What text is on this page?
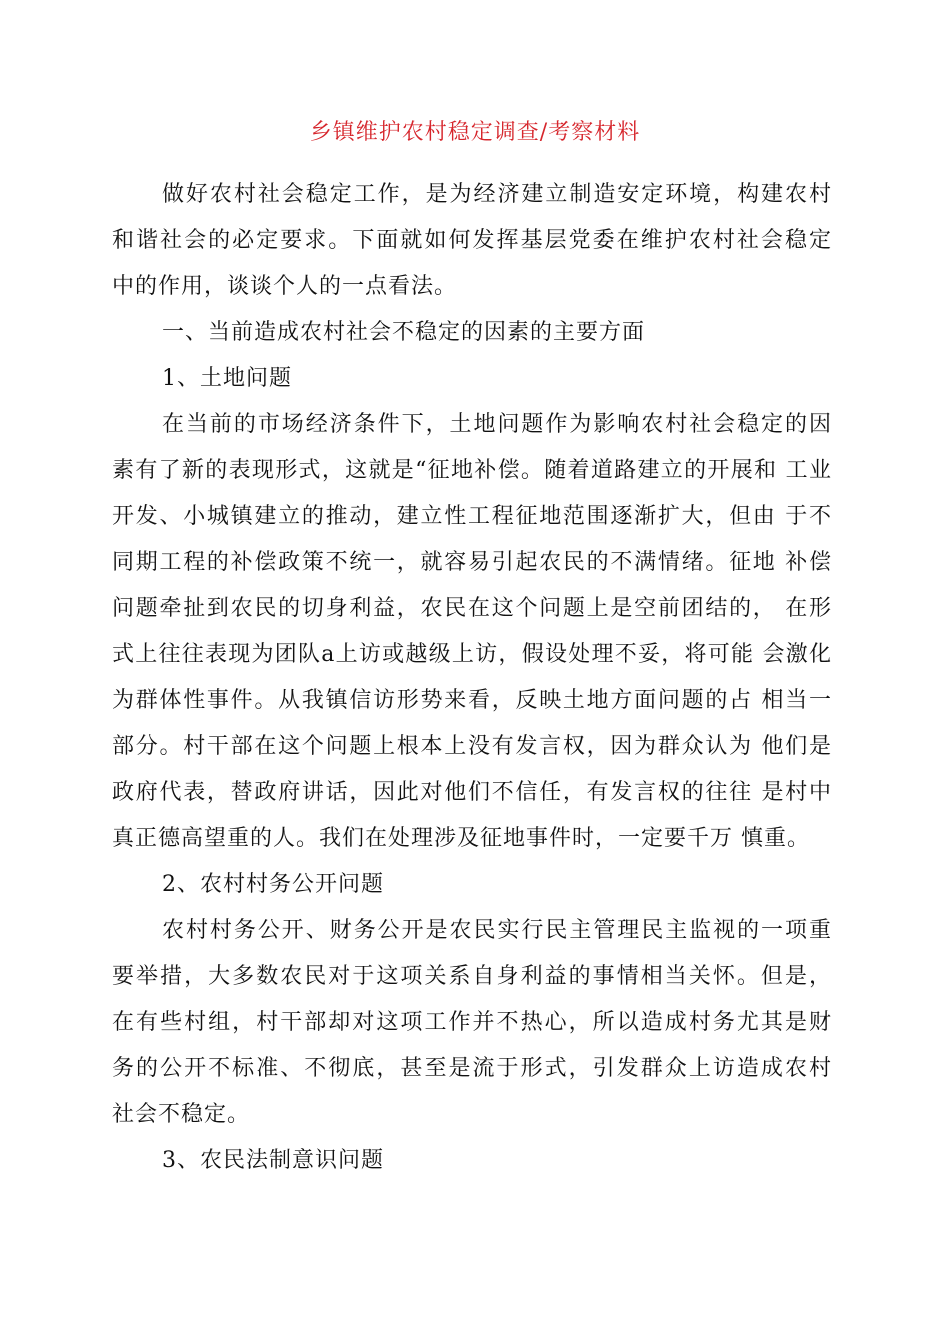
乡镇维护农村稳定调查/考察材料
做好农村社会稳定工作，是为经济建立制造安定环境，构建农村 和谐社会的必定要求。下面就如何发挥基层党委在维护农村社会稳定 中的作用，谈谈个人的一点看法。
一、当前造成农村社会不稳定的因素的主要方面
1、土地问题
在当前的市场经济条件下，土地问题作为影响农村社会稳定的因 素有了新的表现形式，这就是“征地补偿。随着道路建立的开展和 工业开发、小城镇建立的推动，建立性工程征地范围逐渐扩大，但由 于不同期工程的补偿政策不统一，就容易引起农民的不满情绪。征地 补偿问题牵扯到农民的切身利益，农民在这个问题上是空前团结的， 在形式上往往表现为团队a上访或越级上访，假设处理不妥，将可能 会激化为群体性事件。从我镇信访形势来看，反映土地方面问题的占 相当一部分。村干部在这个问题上根本上没有发言权，因为群众认为 他们是政府代表，替政府讲话，因此对他们不信任，有发言权的往往 是村中真正德高望重的人。我们在处理涉及征地事件时，一定要千万 慎重。
2、农村村务公开问题
农村村务公开、财务公开是农民实行民主管理民主监视的一项重 要举措，大多数农民对于这项关系自身利益的事情相当关怀。但是， 在有些村组，村干部却对这项工作并不热心，所以造成村务尤其是财 务的公开不标准、不彻底，甚至是流于形式，引发群众上访造成农村 社会不稳定。
3、农民法制意识问题
